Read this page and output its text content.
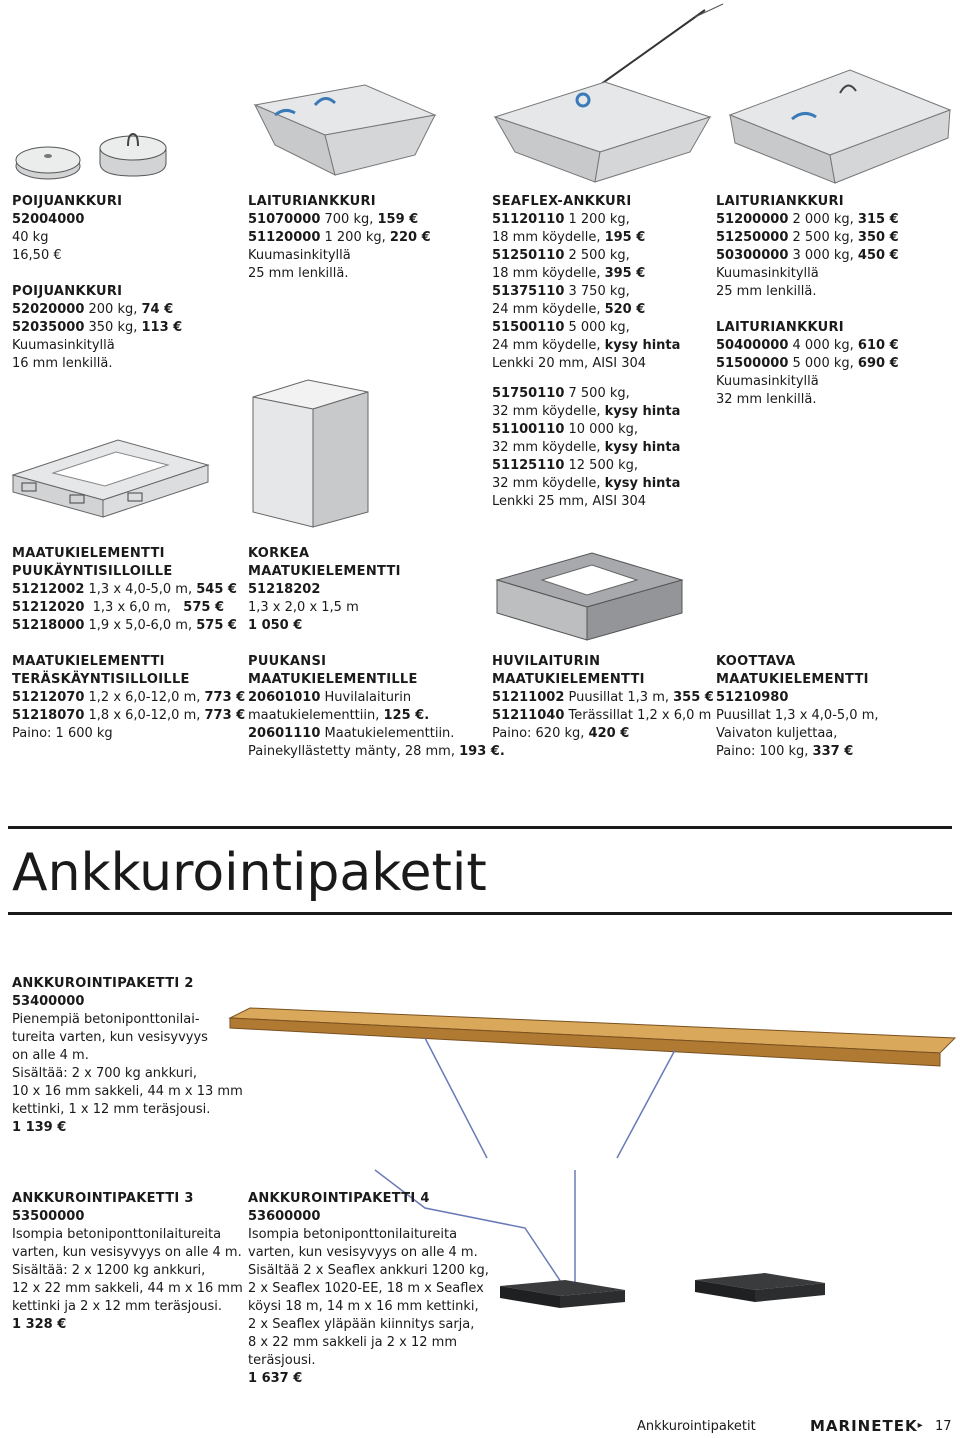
POIJUANKKURI
52004000
40 kg
16,50 €
POIJUANKKURI
52020000 200 kg, 74 €
52035000 350 kg, 113 €
Kuumasinkityllä
16 mm lenkillä.
LAITURIANKKURI
51070000 700 kg, 159 €
51120000 1 200 kg, 220 €
Kuumasinkityllä
25 mm lenkillä.
SEAFLEX-ANKKURI
51120110 1 200 kg,
18 mm köydelle, 195 €
51250110 2 500 kg,
18 mm köydelle, 395 €
51375110 3 750 kg,
24 mm köydelle, 520 €
51500110 5 000 kg,
24 mm köydelle, kysy hinta
Lenkki 20 mm, AISI 304
51750110 7 500 kg,
32 mm köydelle, kysy hinta
51100110 10 000 kg,
32 mm köydelle, kysy hinta
51125110 12 500 kg,
32 mm köydelle, kysy hinta
Lenkki 25 mm, AISI 304
LAITURIANKKURI
51200000 2 000 kg, 315 €
51250000 2 500 kg, 350 €
50300000 3 000 kg, 450 €
Kuumasinkityllä
25 mm lenkillä.
LAITURIANKKURI
50400000 4 000 kg, 610 €
51500000 5 000 kg, 690 €
Kuumasinkityllä
32 mm lenkillä.
MAATUKIELEMENTTI
PUUKÄYNTISILLOILLE
51212002 1,3 x 4,0-5,0 m, 545 €
51212020  1,3 x 6,0 m,   575 €
51218000 1,9 x 5,0-6,0 m, 575 €
KORKEA
MAATUKIELEMENTTI
51218202
1,3 x 2,0 x 1,5 m
1 050 €
MAATUKIELEMENTTI
TERÄSKÄYNTISILLOILLE
51212070 1,2 x 6,0-12,0 m, 773 €
51218070 1,8 x 6,0-12,0 m, 773 €
Paino: 1 600 kg
PUUKANSI
MAATUKIELEMENTILLE
20601010 Huvilalaiturin
maatukielementtiin, 125 €.
20601110 Maatukielementtiin.
Painekyllästetty mänty, 28 mm, 193 €.
HUVILAITURIN
MAATUKIELEMENTTI
51211002 Puusillat 1,3 m, 355 €
51211040 Terässillat 1,2 x 6,0 m
Paino: 620 kg, 420 €
KOOTTAVA
MAATUKIELEMENTTI
51210980
Puusillat 1,3 x 4,0-5,0 m,
Vaivaton kuljettaa,
Paino: 100 kg, 337 €
Ankkurointipaketit
ANKKUROINTIPAKETTI 2
53400000
Pienempiä betoniponttonilai-
tureita varten, kun vesisyvyys
on alle 4 m.
Sisältää: 2 x 700 kg ankkuri,
10 x 16 mm sakkeli, 44 m x 13 mm
kettinki, 1 x 12 mm teräsjousi.
1 139 €
ANKKUROINTIPAKETTI 3
53500000
Isompia betoniponttonilaitureita
varten, kun vesisyvyys on alle 4 m.
Sisältää: 2 x 1200 kg ankkuri,
12 x 22 mm sakkeli, 44 m x 16 mm
kettinki ja 2 x 12 mm teräsjousi.
1 328 €
ANKKUROINTIPAKETTI 4
53600000
Isompia betoniponttonilaitureita
varten, kun vesisyvyys on alle 4 m.
Sisältää 2 x Seaflex ankkuri 1200 kg,
2 x Seaflex 1020-EE, 18 m x Seaflex
köysi 18 m, 14 m x 16 mm kettinki,
2 x Seaflex yläpään kiinnitys sarja,
8 x 22 mm sakkeli ja 2 x 12 mm
teräsjousi.
1 637 €
Ankkurointipaketit	MARINETEK▸ 17
